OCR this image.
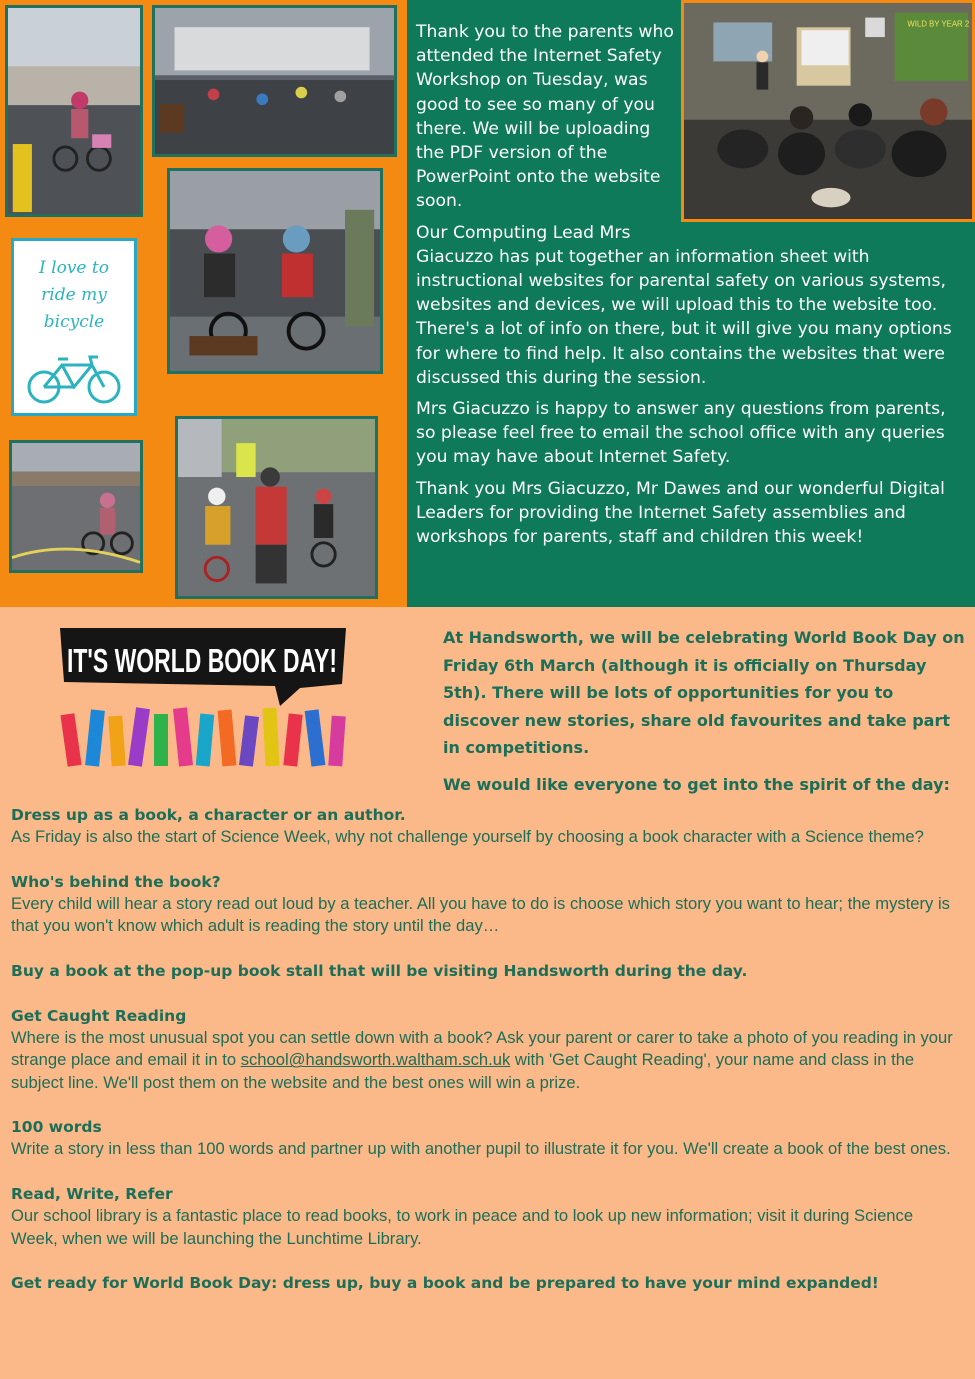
I love to
ride my
bicycle

Thank you to the parents who attended the Internet Safety Workshop on Tuesday, was good to see so many of you there. We will be uploading the PDF version of the PowerPoint onto the website soon.

Our Computing Lead Mrs
Giacuzzo has put together an information sheet with instructional websites for parental safety on various systems, websites and devices, we will upload this to the website too. There's a lot of info on there, but it will give you many options for where to find help. It also contains the websites that were discussed this during the session.

Mrs Giacuzzo is happy to answer any questions from parents, so please feel free to email the school office with any queries you may have about Internet Safety.

Thank you Mrs Giacuzzo, Mr Dawes and our wonderful Digital Leaders for providing the Internet Safety assemblies and workshops for parents, staff and children this week!

WILD BY YEAR 2
IT'S WORLD BOOK DAY!

At Handsworth, we will be celebrating World Book Day on Friday 6th March (although it is officially on Thursday 5th). There will be lots of opportunities for you to discover new stories, share old favourites and take part in competitions.

We would like everyone to get into the spirit of the day:

Dress up as a book, a character or an author.
As Friday is also the start of Science Week, why not challenge yourself by choosing a book character with a Science theme?
Who's behind the book?
Every child will hear a story read out loud by a teacher. All you have to do is choose which story you want to hear; the mystery is that you won't know which adult is reading the story until the day…
Buy a book at the pop-up book stall that will be visiting Handsworth during the day.
Get Caught Reading
Where is the most unusual spot you can settle down with a book? Ask your parent or carer to take a photo of you reading in your strange place and email it in to school@handsworth.waltham.sch.uk with 'Get Caught Reading', your name and class in the subject line. We'll post them on the website and the best ones will win a prize.
100 words
Write a story in less than 100 words and partner up with another pupil to illustrate it for you. We'll create a book of the best ones.
Read, Write, Refer
Our school library is a fantastic place to read books, to work in peace and to look up new information; visit it during Science Week, when we will be launching the Lunchtime Library.
Get ready for World Book Day: dress up, buy a book and be prepared to have your mind expanded!
